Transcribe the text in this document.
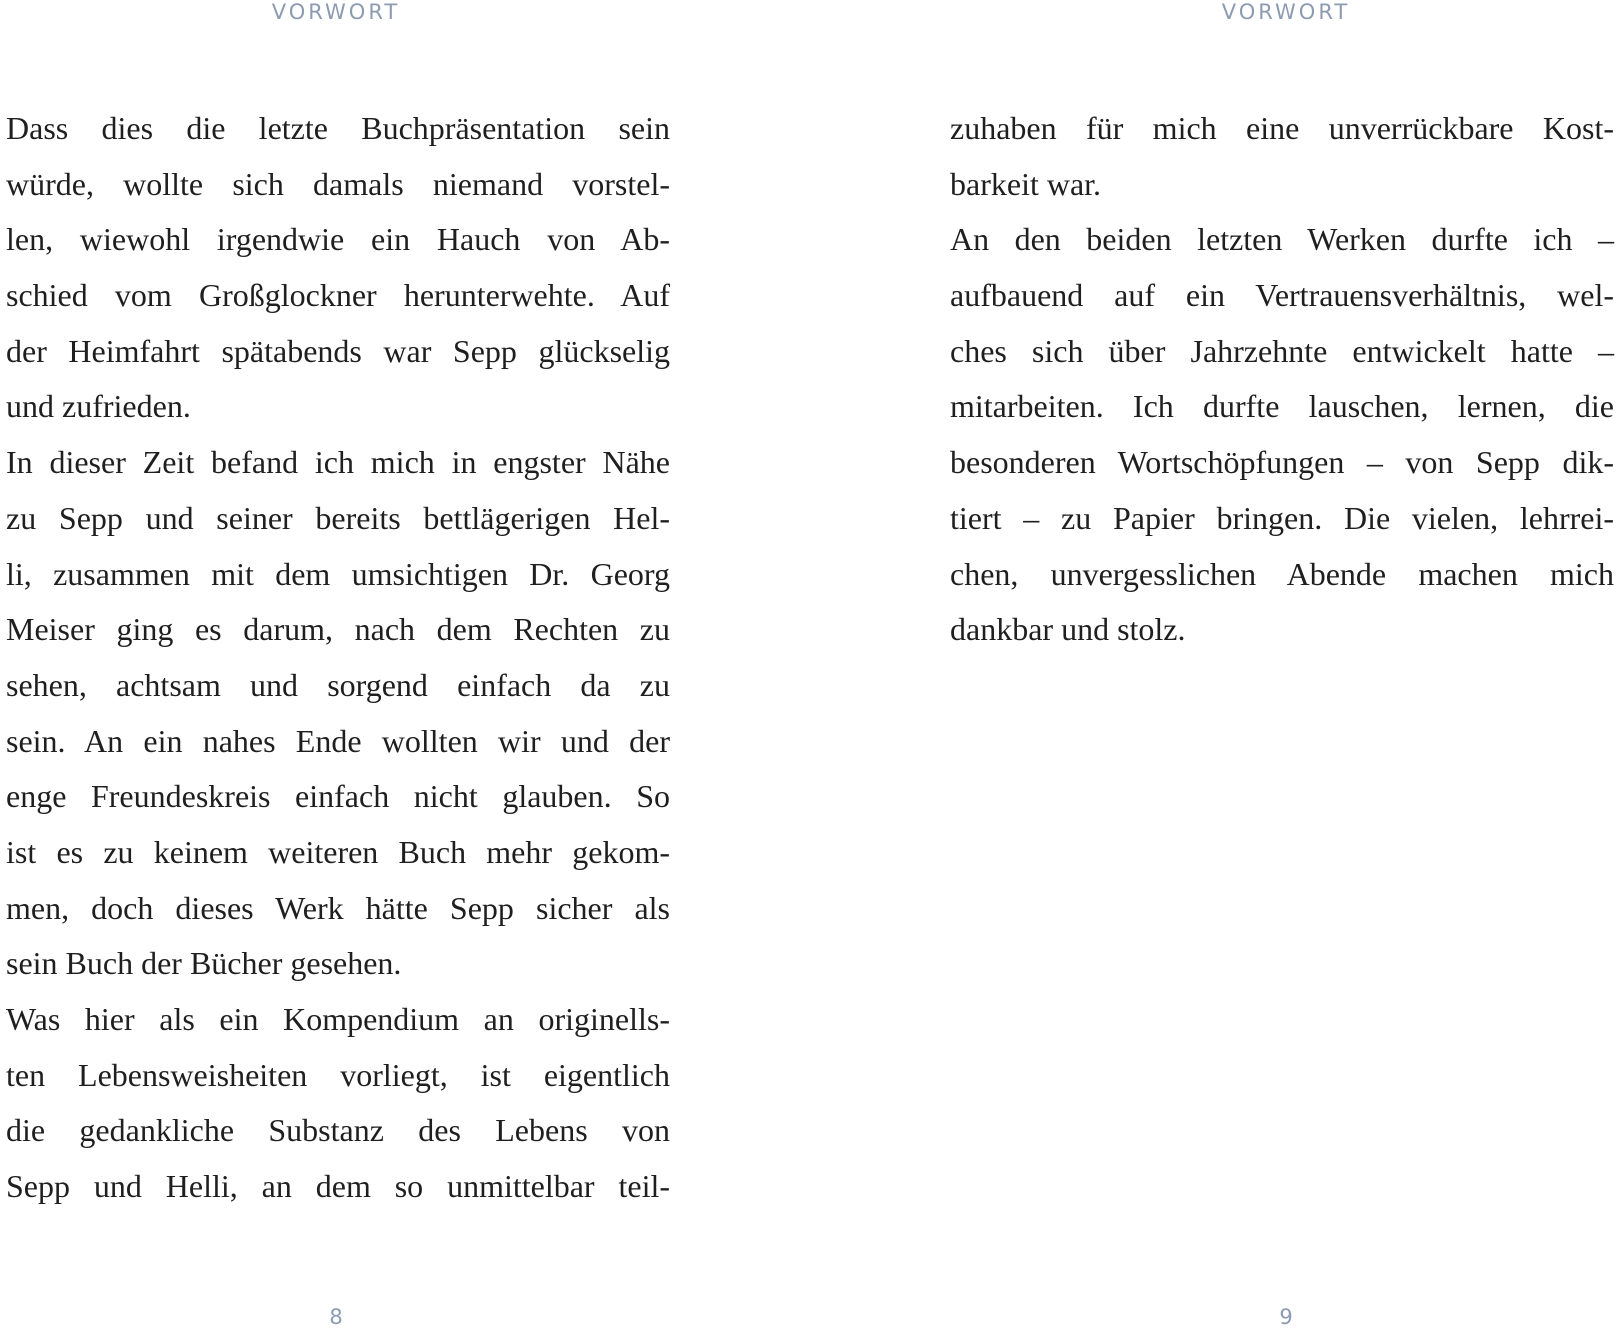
VORWORT
Dass dies die letzte Buchpräsentation sein
würde, wollte sich damals niemand vorstel-
len, wiewohl irgendwie ein Hauch von Ab-
schied vom Großglockner herunterwehte. Auf
der Heimfahrt spätabends war Sepp glückselig
und zufrieden.
In dieser Zeit befand ich mich in engster Nähe
zu Sepp und seiner bereits bettlägerigen Hel-
li, zusammen mit dem umsichtigen Dr. Georg
Meiser ging es darum, nach dem Rechten zu
sehen, achtsam und sorgend einfach da zu
sein. An ein nahes Ende wollten wir und der
enge Freundeskreis einfach nicht glauben. So
ist es zu keinem weiteren Buch mehr gekom-
men, doch dieses Werk hätte Sepp sicher als
sein Buch der Bücher gesehen.
Was hier als ein Kompendium an originells-
ten Lebensweisheiten vorliegt, ist eigentlich
die gedankliche Substanz des Lebens von
Sepp und Helli, an dem so unmittelbar teil-
8
VORWORT
zuhaben für mich eine unverrückbare Kost-
barkeit war.
An den beiden letzten Werken durfte ich –
aufbauend auf ein Vertrauensverhältnis, wel-
ches sich über Jahrzehnte entwickelt hatte –
mitarbeiten. Ich durfte lauschen, lernen, die
besonderen Wortschöpfungen – von Sepp dik-
tiert – zu Papier bringen. Die vielen, lehrrei-
chen, unvergesslichen Abende machen mich
dankbar und stolz.
9
